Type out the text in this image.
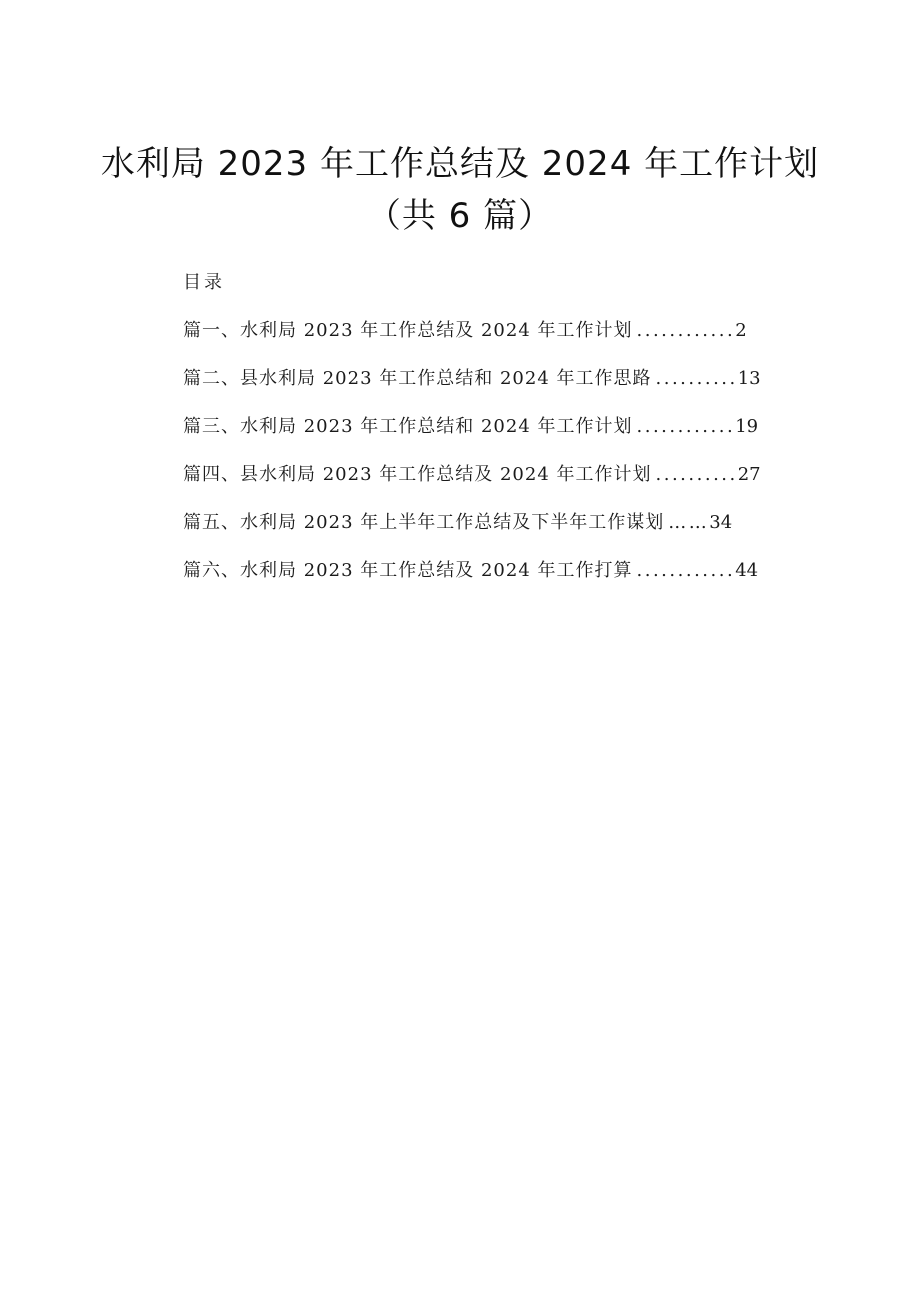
水利局 2023 年工作总结及 2024 年工作计划
（共 6 篇）
目录
篇一、水利局 2023 年工作总结及 2024 年工作计划 ............2
篇二、县水利局 2023 年工作总结和 2024 年工作思路 ..........13
篇三、水利局 2023 年工作总结和 2024 年工作计划 ............19
篇四、县水利局 2023 年工作总结及 2024 年工作计划 ..........27
篇五、水利局 2023 年上半年工作总结及下半年工作谋划 ……34
篇六、水利局 2023 年工作总结及 2024 年工作打算 ............44
